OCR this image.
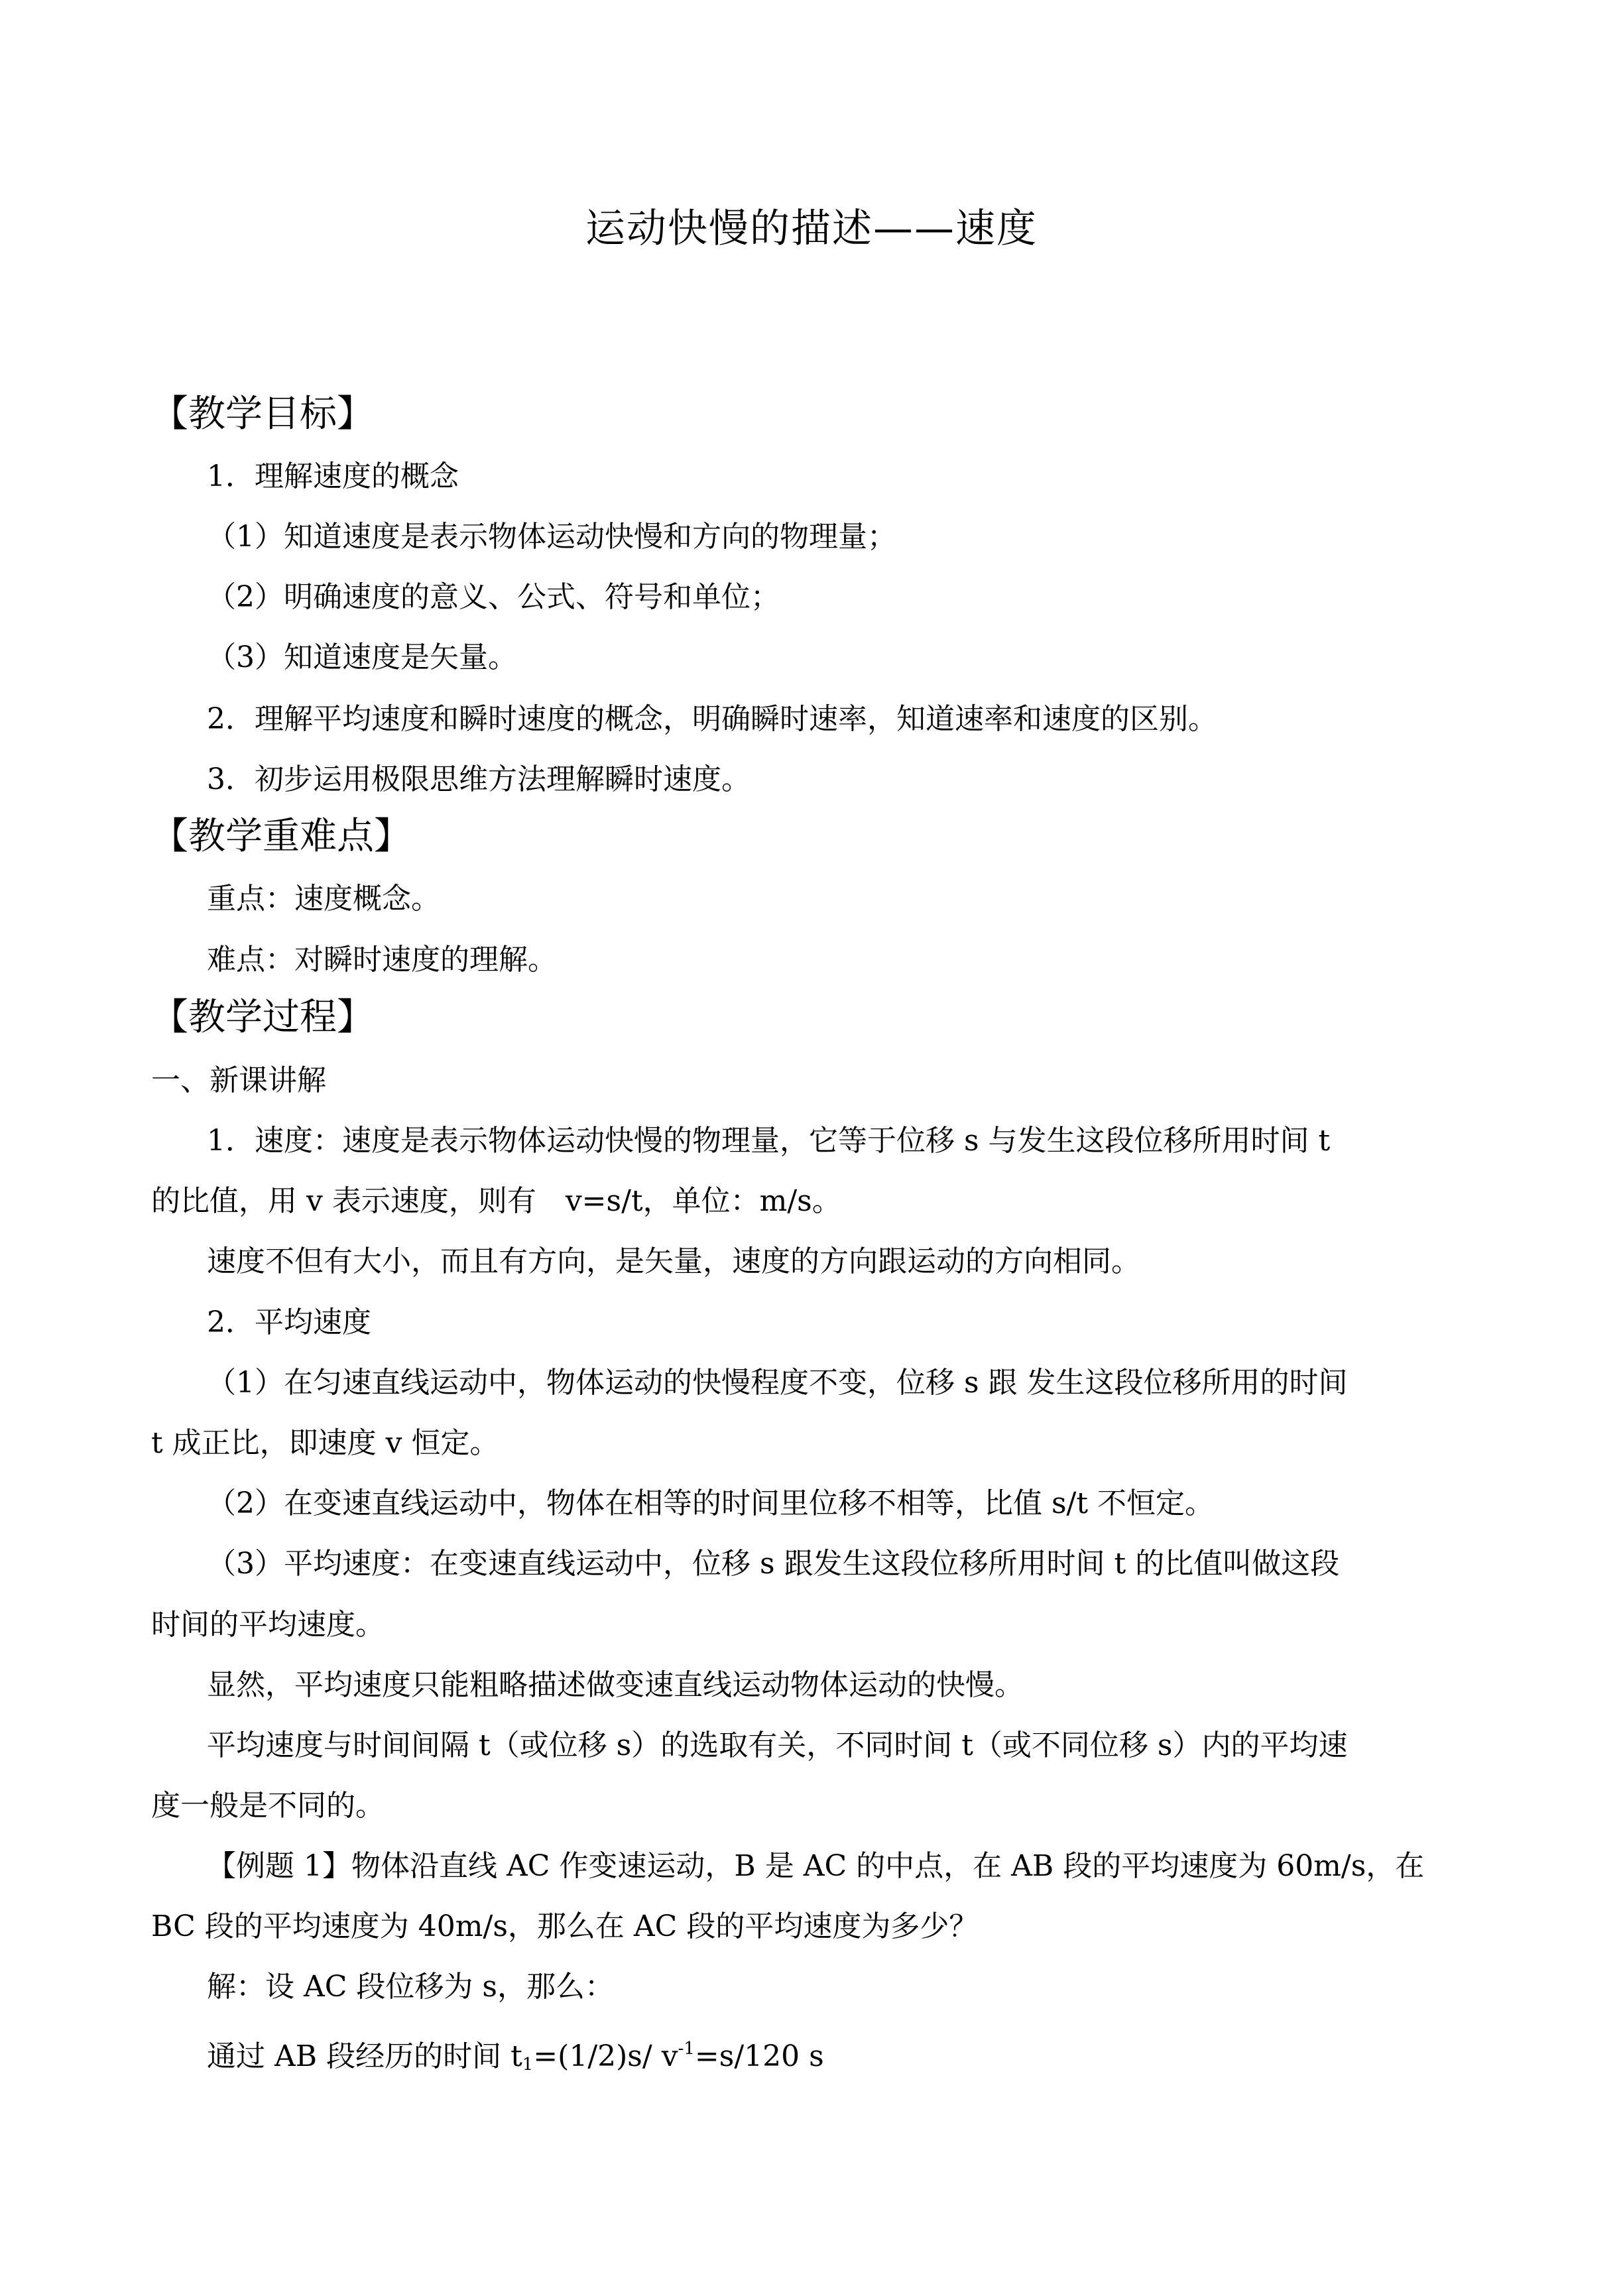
运动快慢的描述——速度
【教学目标】
1．理解速度的概念
（1）知道速度是表示物体运动快慢和方向的物理量；
（2）明确速度的意义、公式、符号和单位；
（3）知道速度是矢量。
2．理解平均速度和瞬时速度的概念，明确瞬时速率，知道速率和速度的区别。
3．初步运用极限思维方法理解瞬时速度。
【教学重难点】
重点：速度概念。
难点：对瞬时速度的理解。
【教学过程】
一、新课讲解
1．速度：速度是表示物体运动快慢的物理量，它等于位移 s 与发生这段位移所用时间 t
的比值，用 v 表示速度，则有　v=s/t，单位：m/s。
速度不但有大小，而且有方向，是矢量，速度的方向跟运动的方向相同。
2．平均速度
（1）在匀速直线运动中，物体运动的快慢程度不变，位移 s 跟 发生这段位移所用的时间
t 成正比，即速度 v 恒定。
（2）在变速直线运动中，物体在相等的时间里位移不相等，比值 s/t 不恒定。
（3）平均速度：在变速直线运动中，位移 s 跟发生这段位移所用时间 t 的比值叫做这段
时间的平均速度。
显然，平均速度只能粗略描述做变速直线运动物体运动的快慢。
平均速度与时间间隔 t（或位移 s）的选取有关，不同时间 t（或不同位移 s）内的平均速
度一般是不同的。
【例题 1】物体沿直线 AC 作变速运动，B 是 AC 的中点，在 AB 段的平均速度为 60m/s，在
BC 段的平均速度为 40m/s，那么在 AC 段的平均速度为多少？
解：设 AC 段位移为 s，那么：
通过 AB 段经历的时间 $t_1=(1/2)s/$ $v^{-1}=s/120$ s
